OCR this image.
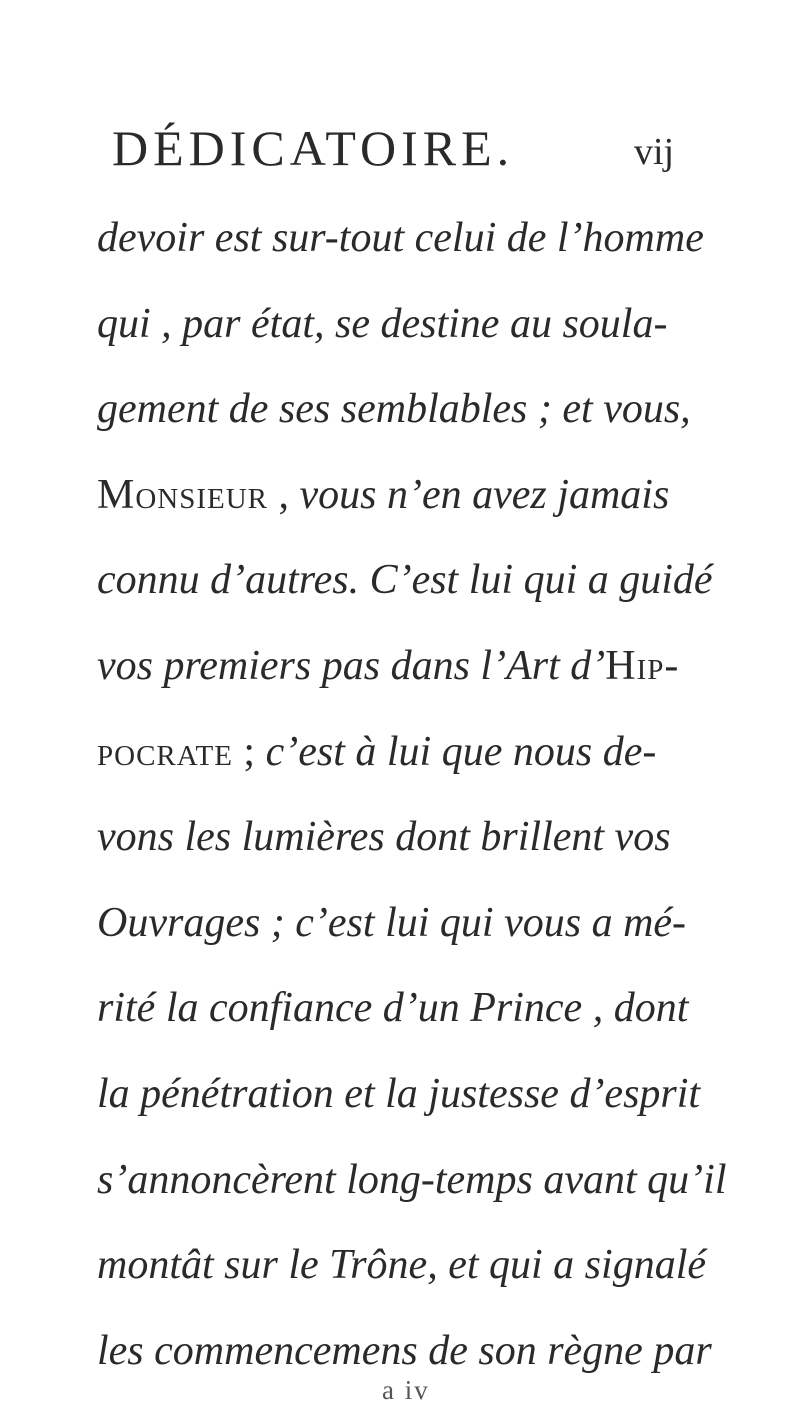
DÉDICATOIRE.	vij
devoir est sur-tout celui de l’homme
qui , par état, se destine au soula-
gement de ses semblables ; et vous,
Monsieur , vous n’en avez jamais
connu d’autres. C’est lui qui a guidé
vos premiers pas dans l’Art d’Hip-
pocrate ; c’est à lui que nous de-
vons les lumières dont brillent vos
Ouvrages ; c’est lui qui vous a mé-
rité la confiance d’un Prince , dont
la pénétration et la justesse d’esprit
s’annoncèrent long-temps avant qu’il
montât sur le Trône, et qui a signalé
les commencemens de son règne par
a iv
